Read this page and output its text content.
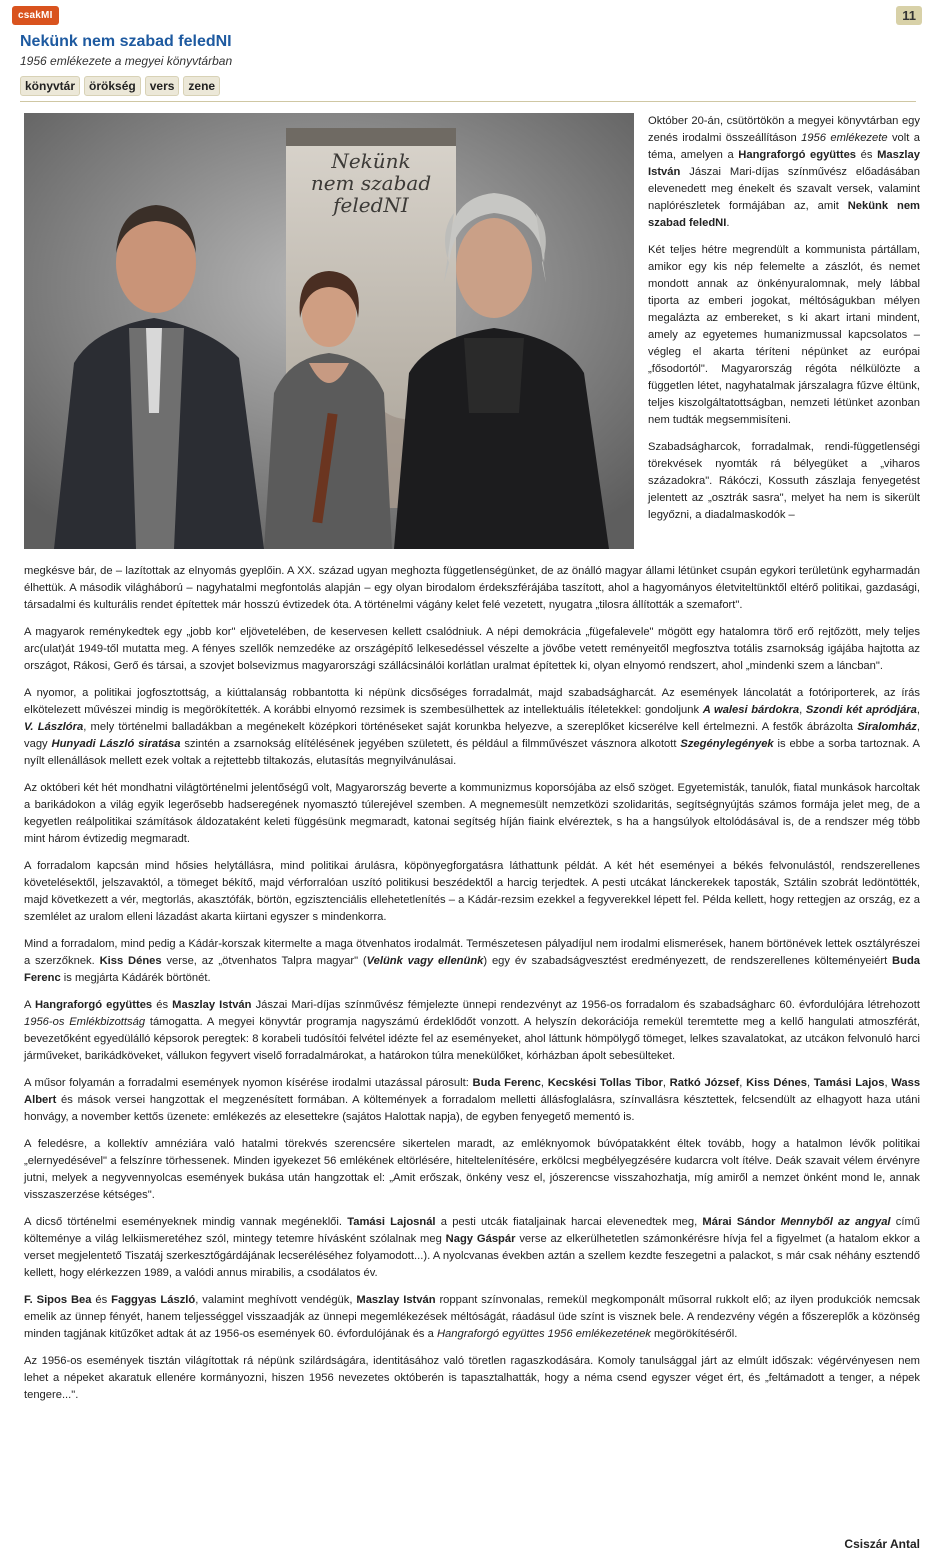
csakMI	11
Nekünk nem szabad feledNI
1956 emlékezete a megyei könyvtárban
könyvtár	örökség	vers	zene
Nekünk
nem szabad
feledNI

Október 20-án, csütörtökön a megyei könyvtárban egy zenés irodalmi összeállításon 1956 emlékezete volt a téma, amelyen a Hangraforgó együttes és Maszlay István Jászai Mari-díjas színművész előadásában elevenedett meg énekelt és szavalt versek, valamint naplórészletek formájában az, amit Nekünk nem szabad feledNI.

Két teljes hétre megrendült a kommunista pártállam, amikor egy kis nép felemelte a zászlót, és nemet mondott annak az önkényuralomnak, mely lábbal tiporta az emberi jogokat, méltóságukban mélyen megalázta az embereket, s ki akart irtani mindent, amely az egyetemes humanizmussal kapcsolatos – végleg el akarta téríteni népünket az európai „fősodortól". Magyarország régóta nélkülözte a független létet, nagyhatalmak járszalagra fűzve éltünk, teljes kiszolgáltatottságban, nemzeti létünket azonban nem tudták megsemmisíteni.

Szabadságharcok, forradalmak, rendi-függetlenségi törekvések nyomták rá bélyegüket a „viharos századokra". Rákóczi, Kossuth zászlaja fenyegetést jelentett az „osztrák sasra", melyet ha nem is sikerült legyőzni, a diadalmaskodók –

megkésve bár, de – lazítottak az elnyomás gyeplőin. A XX. század ugyan meghozta függetlenségünket, de az önálló magyar állami létünket csupán egykori területünk egyharmadán élhettük. A második világháború – nagyhatalmi megfontolás alapján – egy olyan birodalom érdekszférájába taszított, ahol a hagyományos életviteltünktől eltérő politikai, gazdasági, társadalmi és kulturális rendet építettek már hosszú évtizedek óta. A történelmi vágány kelet felé vezetett, nyugatra „tilosra állították a szemafort".

A magyarok reménykedtek egy „jobb kor" eljövetelében, de keservesen kellett csalódniuk. A népi demokrácia „fügefalevele" mögött egy hatalomra törő erő rejtőzött, mely teljes arc(ulat)át 1949-től mutatta meg. A fényes szellők nemzedéke az országépítő lelkesedéssel vészelte a jövőbe vetett reményeitől megfosztva totális zsarnokság igájába hajtotta az országot, Rákosi, Gerő és társai, a szovjet bolsevizmus magyarországi szállácsinálói korlátlan uralmat építettek ki, olyan elnyomó rendszert, ahol „mindenki szem a láncban".

A nyomor, a politikai jogfosztottság, a kiúttalanság robbantotta ki népünk dicsőséges forradalmát, majd szabadságharcát. Az események láncolatát a fotóriporterek, az írás elkötelezett művészei mindig is megörökítették. A korábbi elnyomó rezsimek is szembesülhettek az intellektuális ítéletekkel: gondoljunk A walesi bárdokra, Szondi két apródjára, V. Lászlóra, mely történelmi balladákban a megénekelt középkori történéseket saját korunkba helyezve, a szereplőket kicserélve kell értelmezni. A festők ábrázolta Siralomház, vagy Hunyadi László siratása szintén a zsarnokság elítélésének jegyében született, és például a filmművészet vásznora alkotott Szegénylegények is ebbe a sorba tartoznak. A nyílt ellenállások mellett ezek voltak a rejtettebb tiltakozás, elutasítás megnyilvánulásai.

Az októberi két hét mondhatni világtörténelmi jelentőségű volt, Magyarország beverte a kommunizmus koporsójába az első szöget. Egyetemisták, tanulók, fiatal munkások harcoltak a barikádokon a világ egyik legerősebb hadseregének nyomasztó túlerejével szemben. A megnemesült nemzetközi szolidaritás, segítségnyújtás számos formája jelet meg, de a kegyetlen reálpolitikai számítások áldozataként keleti függésünk megmaradt, katonai segítség híján fiaink elvéreztek, s ha a hangsúlyok eltolódásával is, de a rendszer még több mint három évtizedig megmaradt.

A forradalom kapcsán mind hősies helytállásra, mind politikai árulásra, köpönyegforgatásra láthattunk példát. A két hét eseményei a békés felvonulástól, rendszerellenes követelésektől, jelszavaktól, a tömeget békítő, majd vérforralóan uszító politikusi beszédektől a harcig terjedtek. A pesti utcákat lánckerekek taposták, Sztálin szobrát ledöntötték, majd következett a vér, megtorlás, akasztófák, börtön, egzisztenciális ellehetetlenítés – a Kádár-rezsim ezekkel a fegyverekkel lépett fel. Példa kellett, hogy rettegjen az ország, ez a szemlélet az uralom elleni lázadást akarta kiirtani egyszer s mindenkorra.

Mind a forradalom, mind pedig a Kádár-korszak kitermelte a maga ötvenhatos irodalmát. Természetesen pályadíjul nem irodalmi elismerések, hanem börtönévek lettek osztályrészei a szerzőknek. Kiss Dénes verse, az „ötvenhatos Talpra magyar" (Velünk vagy ellenünk) egy év szabadságvesztést eredményezett, de rendszerellenes költeményeiért Buda Ferenc is megjárta Kádárék börtönét.

A Hangraforgó együttes és Maszlay István Jászai Mari-díjas színművész fémjelezte ünnepi rendezvényt az 1956-os forradalom és szabadságharc 60. évfordulójára létrehozott 1956-os Emlékbizottság támogatta. A megyei könyvtár programja nagyszámú érdeklődőt vonzott. A helyszín dekorációja remekül teremtette meg a kellő hangulati atmoszférát, bevezetőként egyedülálló képsorok peregtek: 8 korabeli tudósítói felvétel idézte fel az eseményeket, ahol láttunk hömpölygő tömeget, lelkes szavalatokat, az utcákon felvonuló harci járműveket, barikádköveket, vállukon fegyvert viselő forradalmárokat, a határokon túlra menekülőket, kórházban ápolt sebesülteket.

A műsor folyamán a forradalmi események nyomon kísérése irodalmi utazással párosult: Buda Ferenc, Kecskési Tollas Tibor, Ratkó József, Kiss Dénes, Tamási Lajos, Wass Albert és mások versei hangzottak el megzenésített formában. A költemények a forradalom melletti állásfoglalásra, színvallásra késztettek, felcsendült az elhagyott haza utáni honvágy, a november kettős üzenete: emlékezés az elesettekre (sajátos Halottak napja), de egyben fenyegető mementó is.

A feledésre, a kollektív amnéziára való hatalmi törekvés szerencsére sikertelen maradt, az emléknyomok búvópatakként éltek tovább, hogy a hatalmon lévők politikai „elernyedésével" a felszínre törhessenek. Minden igyekezet 56 emlékének eltörlésére, hiteltelenítésére, erkölcsi megbélyegzésére kudarcra volt ítélve. Deák szavait vélem érvényre jutni, melyek a negyvennyolcas események bukása után hangzottak el: „Amit erőszak, önkény vesz el, jószerencse visszahozhatja, míg amiről a nemzet önként mond le, annak visszaszerzése kétséges".

A dicső történelmi eseményeknek mindig vannak megéneklői. Tamási Lajosnál a pesti utcák fiataljainak harcai elevenedtek meg, Márai Sándor Mennyből az angyal című költeménye a világ lelkiismeretéhez szól, mintegy tetemre hívásként szólalnak meg Nagy Gáspár verse az elkerülhetetlen számonkérésre hívja fel a figyelmet (a hatalom ekkor a verset megjelentető Tiszatáj szerkesztőgárdájának lecseréléséhez folyamodott...). A nyolcvanas években aztán a szellem kezdte feszegetni a palackot, s már csak néhány esztendő kellett, hogy elérkezzen 1989, a valódi annus mirabilis, a csodálatos év.

F. Sipos Bea és Faggyas László, valamint meghívott vendégük, Maszlay István roppant színvonalas, remekül megkomponált műsorral rukkolt elő; az ilyen produkciók nemcsak emelik az ünnep fényét, hanem teljességgel visszaadják az ünnepi megemlékezések méltóságát, ráadásul üde színt is visznek bele. A rendezvény végén a főszereplők a közönség minden tagjának kitűzőket adtak át az 1956-os események 60. évfordulójának és a Hangraforgó együttes 1956 emlékezetének megörökítéséről.

Az 1956-os események tisztán világítottak rá népünk szilárdságára, identitásához való töretlen ragaszkodására. Komoly tanulsággal járt az elmúlt időszak: végérvényesen nem lehet a népeket akaratuk ellenére kormányozni, hiszen 1956 nevezetes októberén is tapasztalhatták, hogy a néma csend egyszer véget ért, és „feltámadott a tenger, a népek tengere...".

Csiszár Antal
